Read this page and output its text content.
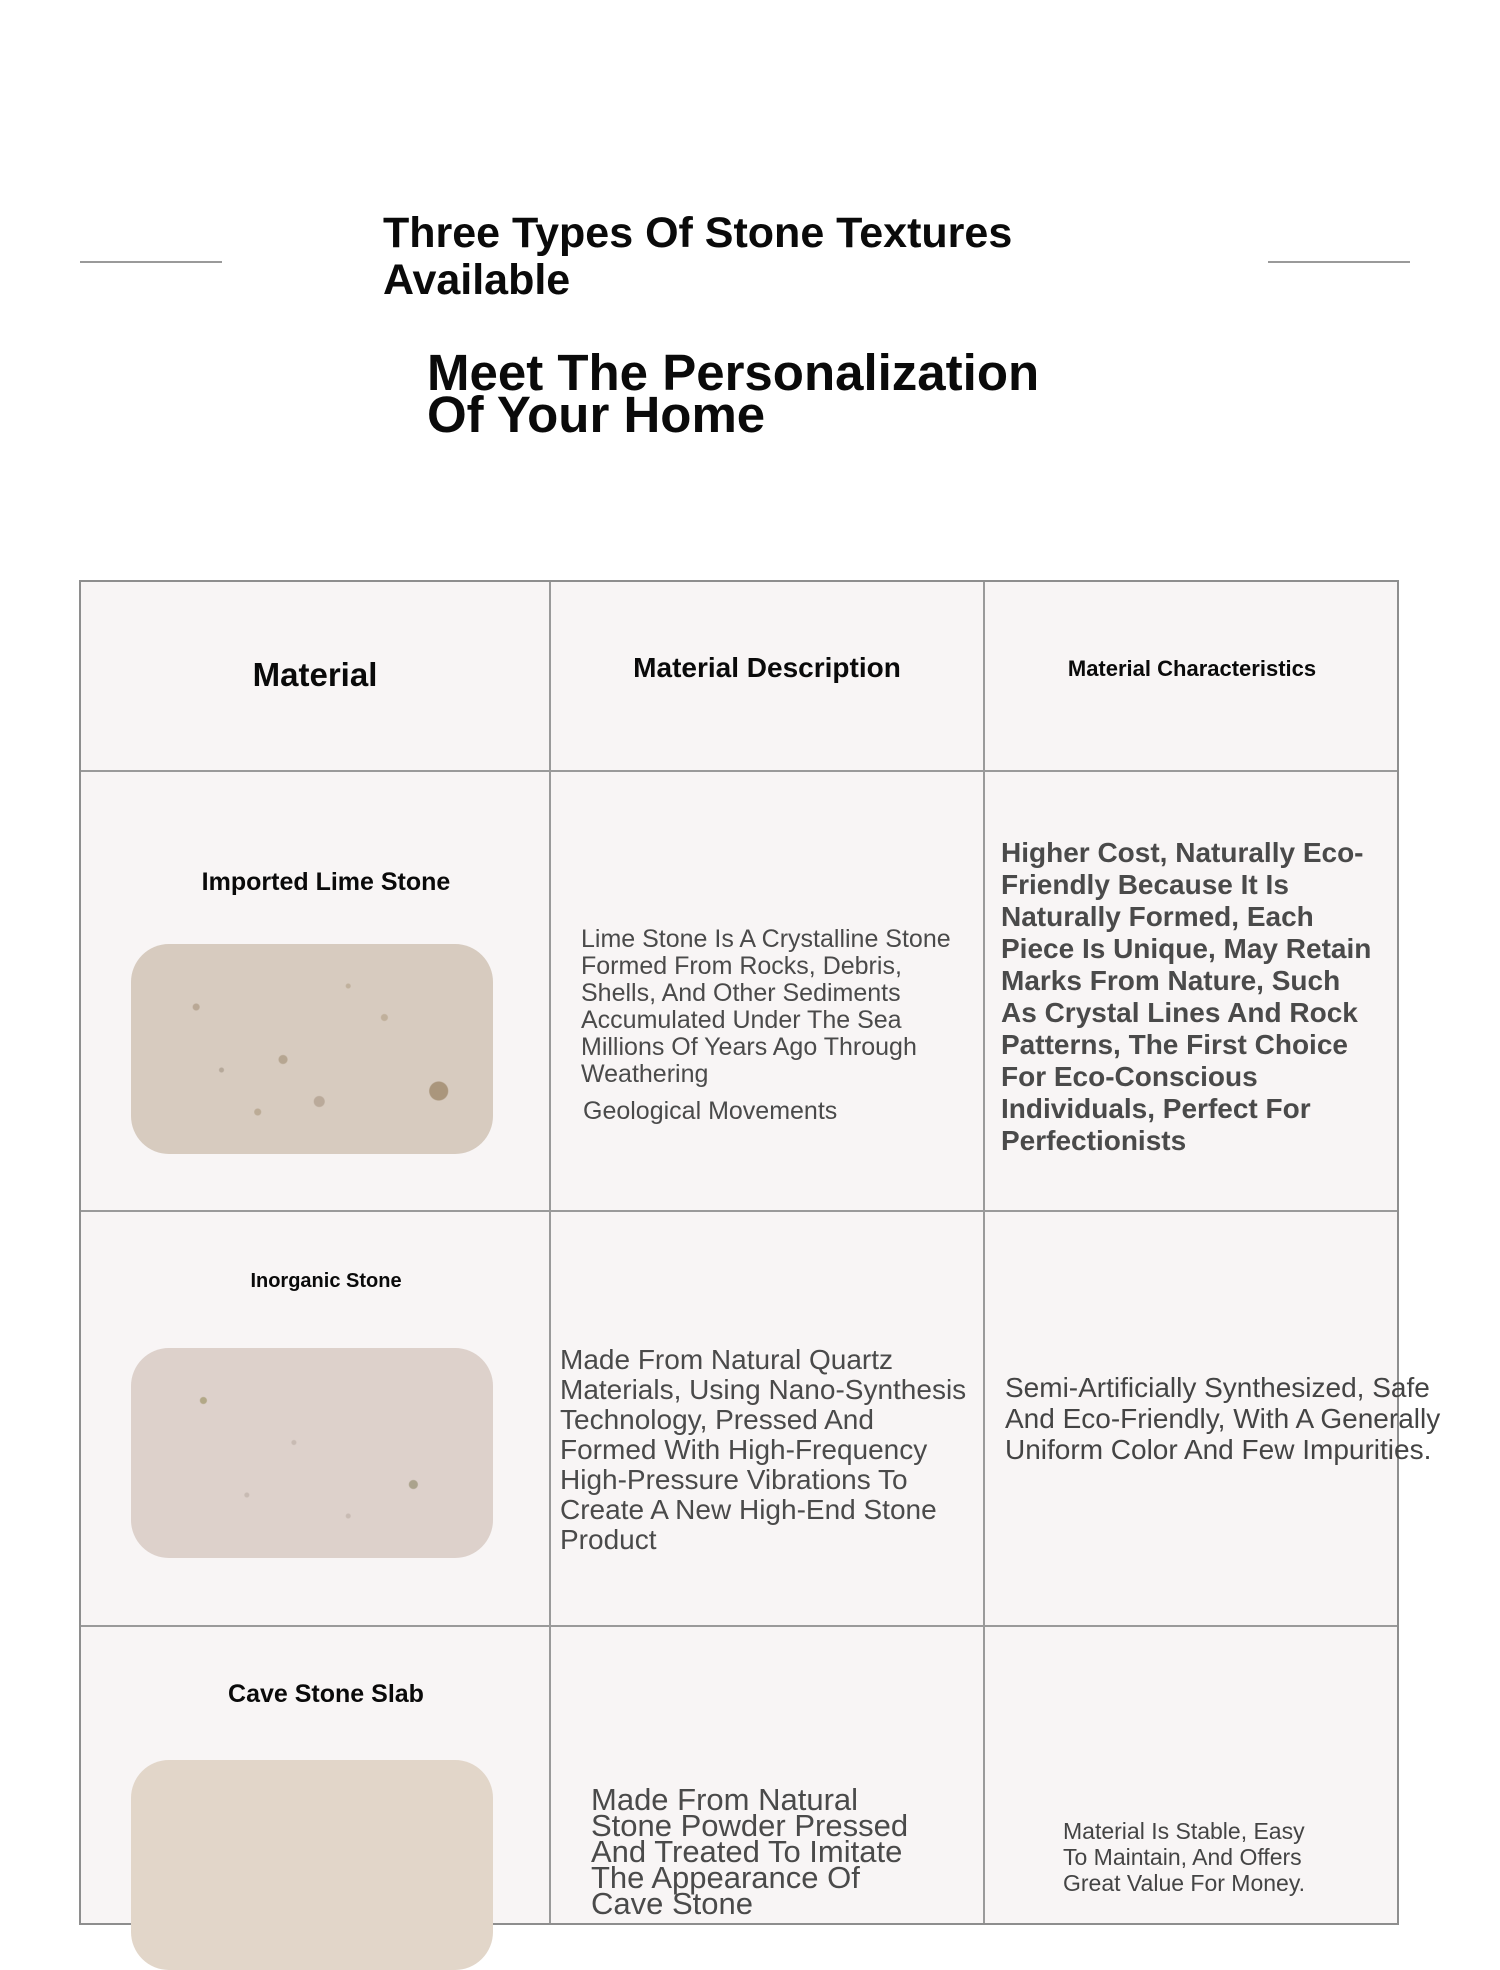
Three Types Of Stone Textures Available
Meet The Personalization
Of Your Home
Material	Material Description	Material Characteristics
Imported Lime Stone
Lime Stone Is A Crystalline Stone Formed From Rocks, Debris, Shells, And Other Sediments Accumulated Under The Sea Millions Of Years Ago Through Weathering
Geological Movements
Higher Cost, Naturally Eco-Friendly Because It Is Naturally Formed, Each Piece Is Unique, May Retain Marks From Nature, Such As Crystal Lines And Rock Patterns, The First Choice For Eco-Conscious Individuals, Perfect For Perfectionists
Inorganic Stone
Made From Natural Quartz Materials, Using Nano-Synthesis Technology, Pressed And Formed With High-Frequency High-Pressure Vibrations To Create A New High-End Stone Product
Semi-Artificially Synthesized, Safe And Eco-Friendly, With A Generally Uniform Color And Few Impurities.
Cave Stone Slab
Made From Natural Stone Powder Pressed And Treated To Imitate The Appearance Of Cave Stone
Material Is Stable, Easy To Maintain, And Offers Great Value For Money.
